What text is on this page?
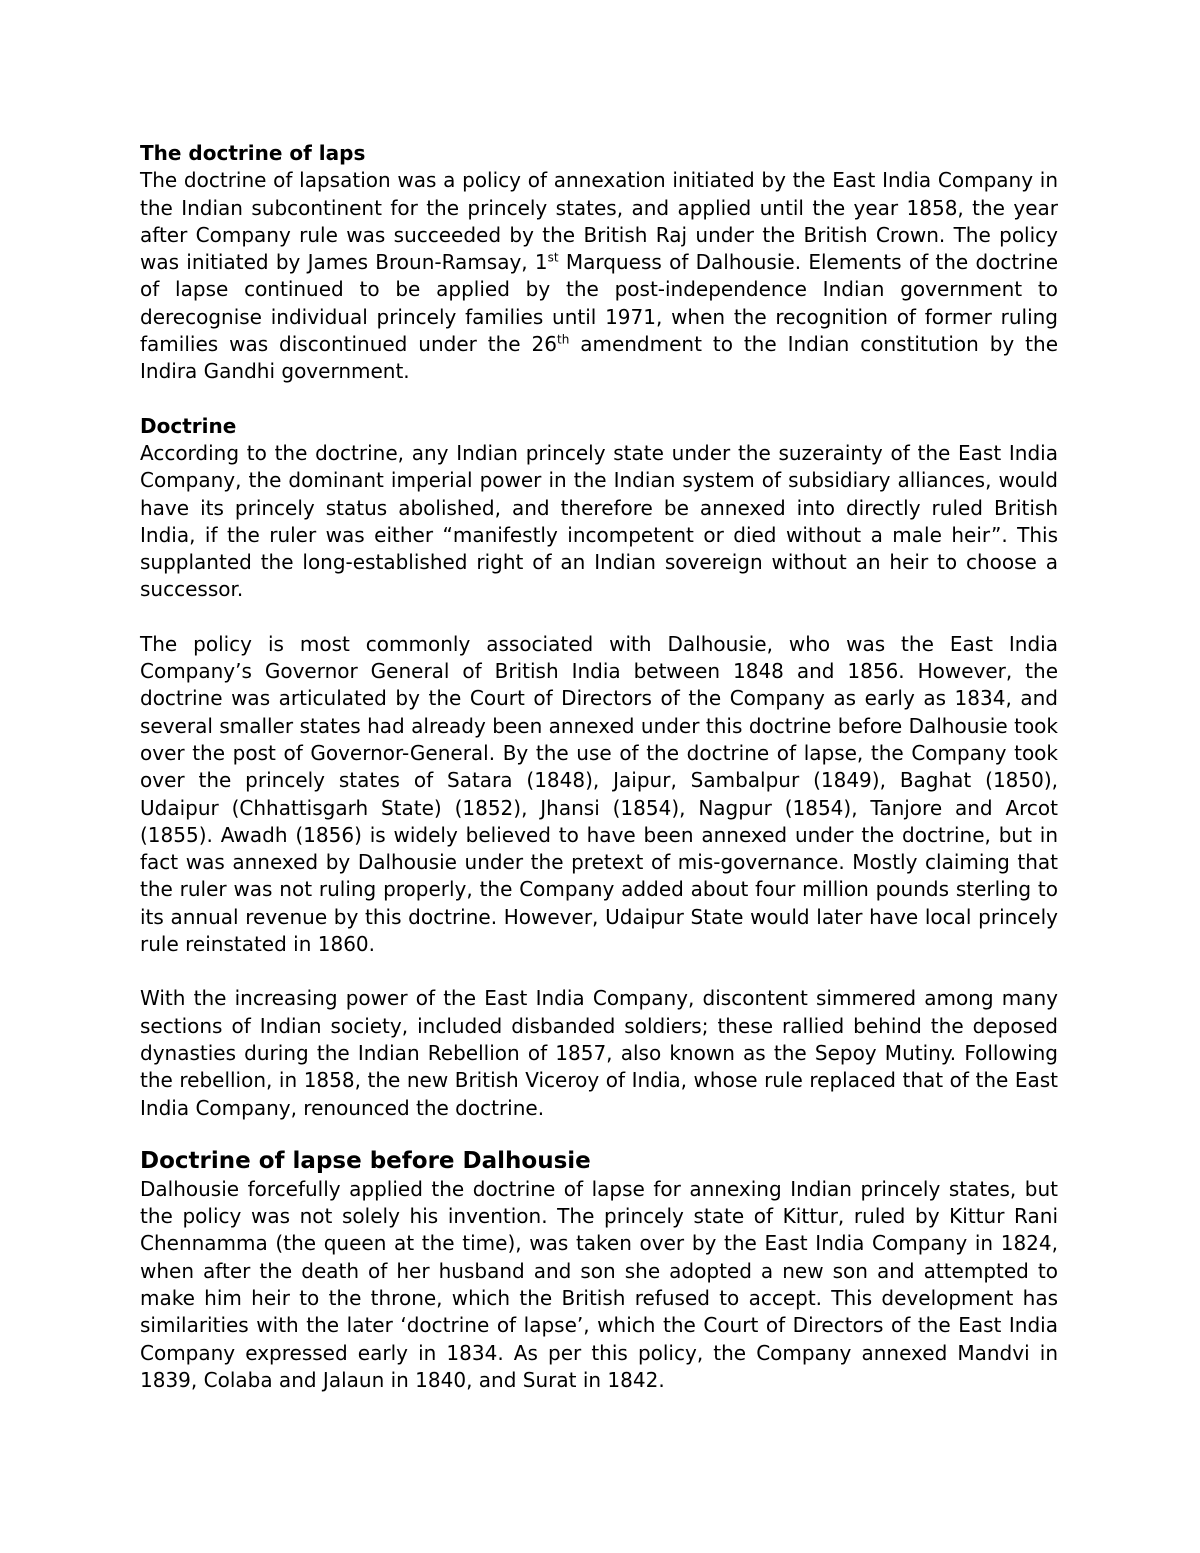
The doctrine of laps

The doctrine of lapsation was a policy of annexation initiated by the East India Company in the Indian subcontinent for the princely states, and applied until the year 1858, the year after Company rule was succeeded by the British Raj under the British Crown. The policy was initiated by James Broun-Ramsay, 1st Marquess of Dalhousie. Elements of the doctrine of lapse continued to be applied by the post-independence Indian government to derecognise individual princely families until 1971, when the recognition of former ruling families was discontinued under the 26th amendment to the Indian constitution by the Indira Gandhi government.

Doctrine

According to the doctrine, any Indian princely state under the suzerainty of the East India Company, the dominant imperial power in the Indian system of subsidiary alliances, would have its princely status abolished, and therefore be annexed into directly ruled British India, if the ruler was either “manifestly incompetent or died without a male heir”. This supplanted the long-established right of an Indian sovereign without an heir to choose a successor.

The policy is most commonly associated with Dalhousie, who was the East India Company’s Governor General of British India between 1848 and 1856. However, the doctrine was articulated by the Court of Directors of the Company as early as 1834, and several smaller states had already been annexed under this doctrine before Dalhousie took over the post of Governor-General. By the use of the doctrine of lapse, the Company took over the princely states of Satara (1848), Jaipur, Sambalpur (1849), Baghat (1850), Udaipur (Chhattisgarh State) (1852), Jhansi (1854), Nagpur (1854), Tanjore and Arcot (1855). Awadh (1856) is widely believed to have been annexed under the doctrine, but in fact was annexed by Dalhousie under the pretext of mis-governance. Mostly claiming that the ruler was not ruling properly, the Company added about four million pounds sterling to its annual revenue by this doctrine. However, Udaipur State would later have local princely rule reinstated in 1860.

With the increasing power of the East India Company, discontent simmered among many sections of Indian society, included disbanded soldiers; these rallied behind the deposed dynasties during the Indian Rebellion of 1857, also known as the Sepoy Mutiny. Following the rebellion, in 1858, the new British Viceroy of India, whose rule replaced that of the East India Company, renounced the doctrine.

Doctrine of lapse before Dalhousie

Dalhousie forcefully applied the doctrine of lapse for annexing Indian princely states, but the policy was not solely his invention. The princely state of Kittur, ruled by Kittur Rani Chennamma (the queen at the time), was taken over by the East India Company in 1824, when after the death of her husband and son she adopted a new son and attempted to make him heir to the throne, which the British refused to accept. This development has similarities with the later ‘doctrine of lapse’, which the Court of Directors of the East India Company expressed early in 1834. As per this policy, the Company annexed Mandvi in 1839, Colaba and Jalaun in 1840, and Surat in 1842.
